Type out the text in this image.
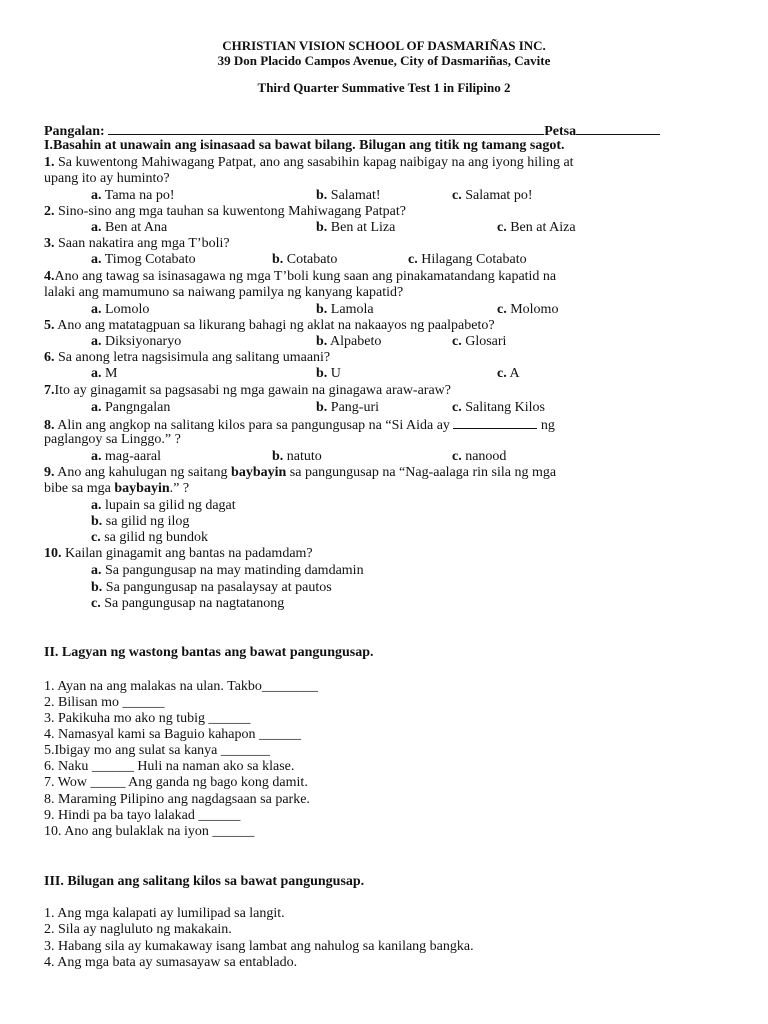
CHRISTIAN VISION SCHOOL OF DASMARIÑAS INC.
39 Don Placido Campos Avenue, City of Dasmariñas, Cavite
Third Quarter Summative Test 1 in Filipino 2
Pangalan:	Petsa
I.Basahin at unawain ang isinasaad sa bawat bilang. Bilugan ang titik ng tamang sagot.
1. Sa kuwentong Mahiwagang Patpat, ano ang sasabihin kapag naibigay na ang iyong hiling at
upang ito ay huminto?
a. Tama na po!	b. Salamat!	c. Salamat po!
2. Sino-sino ang mga tauhan sa kuwentong Mahiwagang Patpat?
a. Ben at Ana	b. Ben at Liza	c. Ben at Aiza
3. Saan nakatira ang mga T’boli?
a. Timog Cotabato	b. Cotabato	c. Hilagang Cotabato
4.Ano ang tawag sa isinasagawa ng mga T’boli kung saan ang pinakamatandang kapatid na
lalaki ang mamumuno sa naiwang pamilya ng kanyang kapatid?
a. Lomolo	b. Lamola	c. Molomo
5. Ano ang matatagpuan sa likurang bahagi ng aklat na nakaayos ng paalpabeto?
a. Diksiyonaryo	b. Alpabeto	c. Glosari
6. Sa anong letra nagsisimula ang salitang umaani?
a. M	b. U	c. A
7.Ito ay ginagamit sa pagsasabi ng mga gawain na ginagawa araw-araw?
a. Pangngalan	b. Pang-uri	c. Salitang Kilos
8. Alin ang angkop na salitang kilos para sa pangungusap na “Si Aida ay	ng
paglangoy sa Linggo.” ?
a. mag-aaral	b. natuto	c. nanood
9. Ano ang kahulugan ng saitang baybayin sa pangungusap na “Nag-aalaga rin sila ng mga
bibe sa mga baybayin.” ?
a. lupain sa gilid ng dagat
b. sa gilid ng ilog
c. sa gilid ng bundok
10. Kailan ginagamit ang bantas na padamdam?
a. Sa pangungusap na may matinding damdamin
b. Sa pangungusap na pasalaysay at pautos
c. Sa pangungusap na nagtatanong
II. Lagyan ng wastong bantas ang bawat pangungusap.
1. Ayan na ang malakas na ulan. Takbo________
2. Bilisan mo ______
3. Pakikuha mo ako ng tubig ______
4. Namasyal kami sa Baguio kahapon ______
5.Ibigay mo ang sulat sa kanya _______
6. Naku ______ Huli na naman ako sa klase.
7. Wow _____ Ang ganda ng bago kong damit.
8. Maraming Pilipino ang nagdagsaan sa parke.
9. Hindi pa ba tayo lalakad ______
10. Ano ang bulaklak na iyon ______
III. Bilugan ang salitang kilos sa bawat pangungusap.
1. Ang mga kalapati ay lumilipad sa langit.
2. Sila ay nagluluto ng makakain.
3. Habang sila ay kumakaway isang lambat ang nahulog sa kanilang bangka.
4. Ang mga bata ay sumasayaw sa entablado.
